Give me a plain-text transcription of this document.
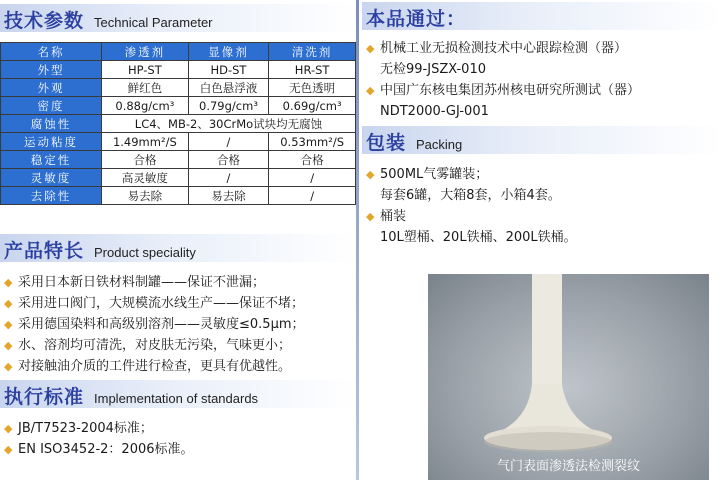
技术参数 Technical Parameter
名称	渗透剂	显像剂	清洗剂
外型	HP-ST	HD-ST	HR-ST
外观	鲜红色	白色悬浮液	无色透明
密度	0.88g/cm³	0.79g/cm³	0.69g/cm³
腐蚀性	LC4、MB-2、30CrMo试块均无腐蚀		
运动粘度	1.49mm²/S	/	0.53mm²/S
稳定性	合格	合格	合格
灵敏度	高灵敏度	/	/
去除性	易去除	易去除	/
产品特长 Product speciality
◆ 采用日本新日铁材料制罐——保证不泄漏；
◆ 采用进口阀门，大规模流水线生产——保证不堵；
◆ 采用德国染料和高级别溶剂——灵敏度≤0.5μm；
◆ 水、溶剂均可清洗，对皮肤无污染，气味更小；
◆ 对接触油介质的工件进行检查，更具有优越性。
执行标准 Implementation of standards
◆ JB/T7523-2004标准；
◆ EN ISO3452-2：2006标准。
本品通过：
◆ 机械工业无损检测技术中心跟踪检测（器）
无检99-JSZX-010
◆ 中国广东核电集团苏州核电研究所测试（器）
NDT2000-GJ-001
包装 Packing
◆ 500ML气雾罐装；
每套6罐，大箱8套，小箱4套。
◆ 桶装
10L塑桶、20L铁桶、200L铁桶。
气门表面渗透法检测裂纹
